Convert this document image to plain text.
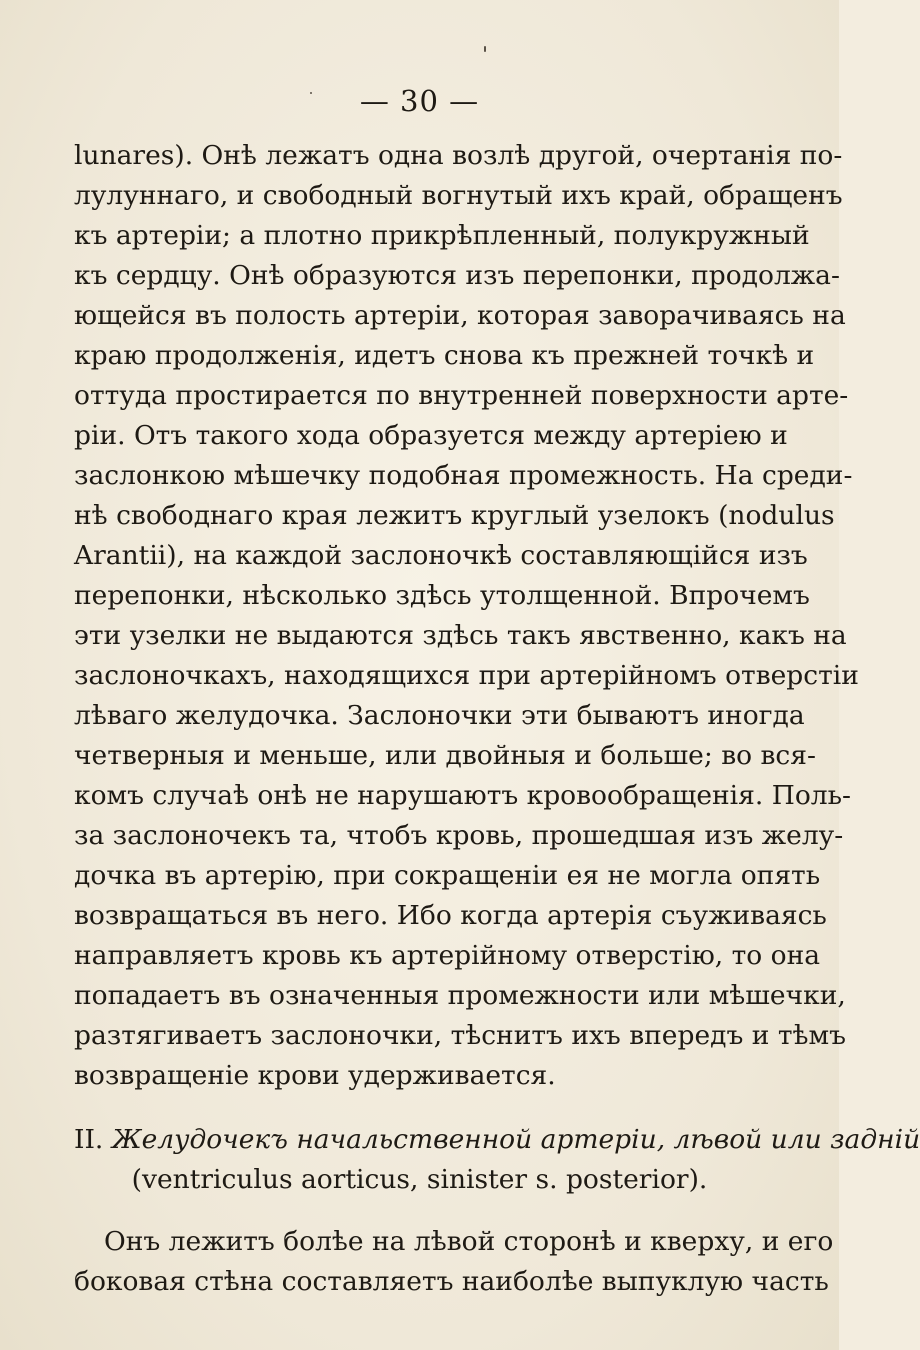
— 30 —
lunares). Онѣ лежатъ одна возлѣ другой, очертанія по-
лулуннаго, и свободный вогнутый ихъ край, обращенъ
къ артеріи; а плотно прикрѣпленный, полукружный
къ сердцу. Онѣ образуются изъ перепонки, продолжа-
ющейся въ полость артеріи, которая заворачиваясь на
краю продолженія, идетъ снова къ прежней точкѣ и
оттуда простирается по внутренней поверхности арте-
ріи. Отъ такого хода образуется между артеріею и
заслонкою мѣшечку подобная промежность. На среди-
нѣ свободнаго края лежитъ круглый узелокъ (nodulus
Arantii), на каждой заслоночкѣ составляющійся изъ
перепонки, нѣсколько здѣсь утолщенной. Впрочемъ
эти узелки не выдаются здѣсь такъ явственно, какъ на
заслоночкахъ, находящихся при артерійномъ отверстіи
лѣваго желудочка. Заслоночки эти бываютъ иногда
четверныя и меньше, или двойныя и больше; во вся-
комъ случаѣ онѣ не нарушаютъ кровообращенія. Поль-
за заслоночекъ та, чтобъ кровь, прошедшая изъ желу-
дочка въ артерію, при сокращеніи ея не могла опять
возвращаться въ него. Ибо когда артерія съуживаясь
направляетъ кровь къ артерійному отверстію, то она
попадаетъ въ означенныя промежности или мѣшечки,
разтягиваетъ заслоночки, тѣснитъ ихъ впередъ и тѣмъ
возвращеніе крови удерживается.
II. Желудочекъ начальственной артеріи, лѣвой или задній
(ventriculus aorticus, sinister s. posterior).
Онъ лежитъ болѣе на лѣвой сторонѣ и кверху, и его
боковая стѣна составляетъ наиболѣе выпуклую часть
